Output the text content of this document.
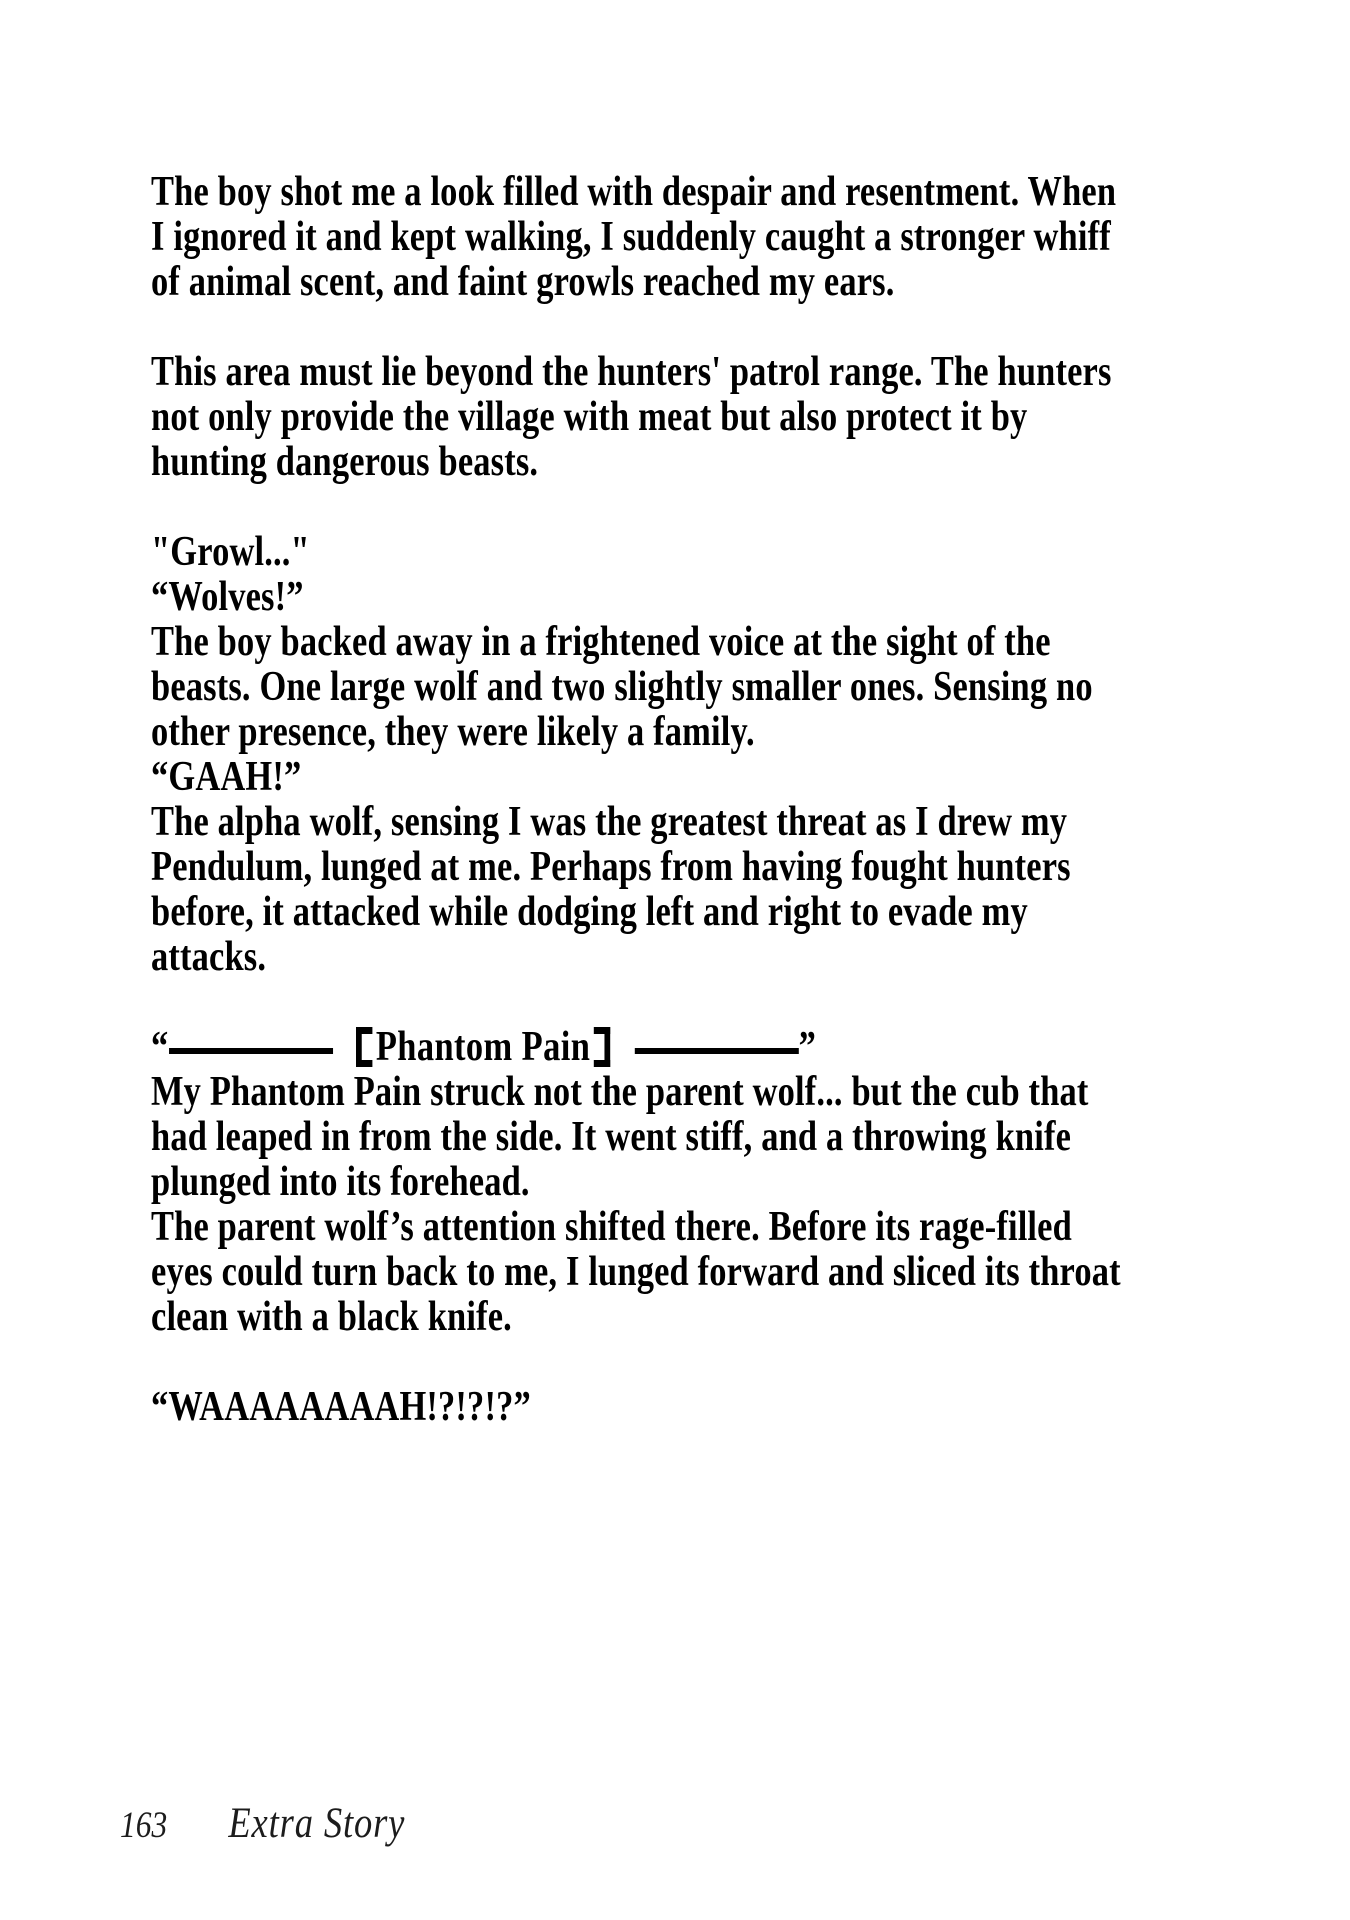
The boy shot me a look filled with despair and resentment. When
I ignored it and kept walking, I suddenly caught a stronger whiff
of animal scent, and faint growls reached my ears.
This area must lie beyond the hunters' patrol range. The hunters
not only provide the village with meat but also protect it by
hunting dangerous beasts.
"Growl..."
“Wolves!”
The boy backed away in a frightened voice at the sight of the
beasts. One large wolf and two slightly smaller ones. Sensing no
other presence, they were likely a family.
“GAAH!”
The alpha wolf, sensing I was the greatest threat as I drew my
Pendulum, lunged at me. Perhaps from having fought hunters
before, it attacked while dodging left and right to evade my
attacks.
“	Phantom Pain	”
My Phantom Pain struck not the parent wolf... but the cub that
had leaped in from the side. It went stiff, and a throwing knife
plunged into its forehead.
The parent wolf’s attention shifted there. Before its rage-filled
eyes could turn back to me, I lunged forward and sliced its throat
clean with a black knife.
“WAAAAAAAAH!?!?!?”
163 Extra Story
